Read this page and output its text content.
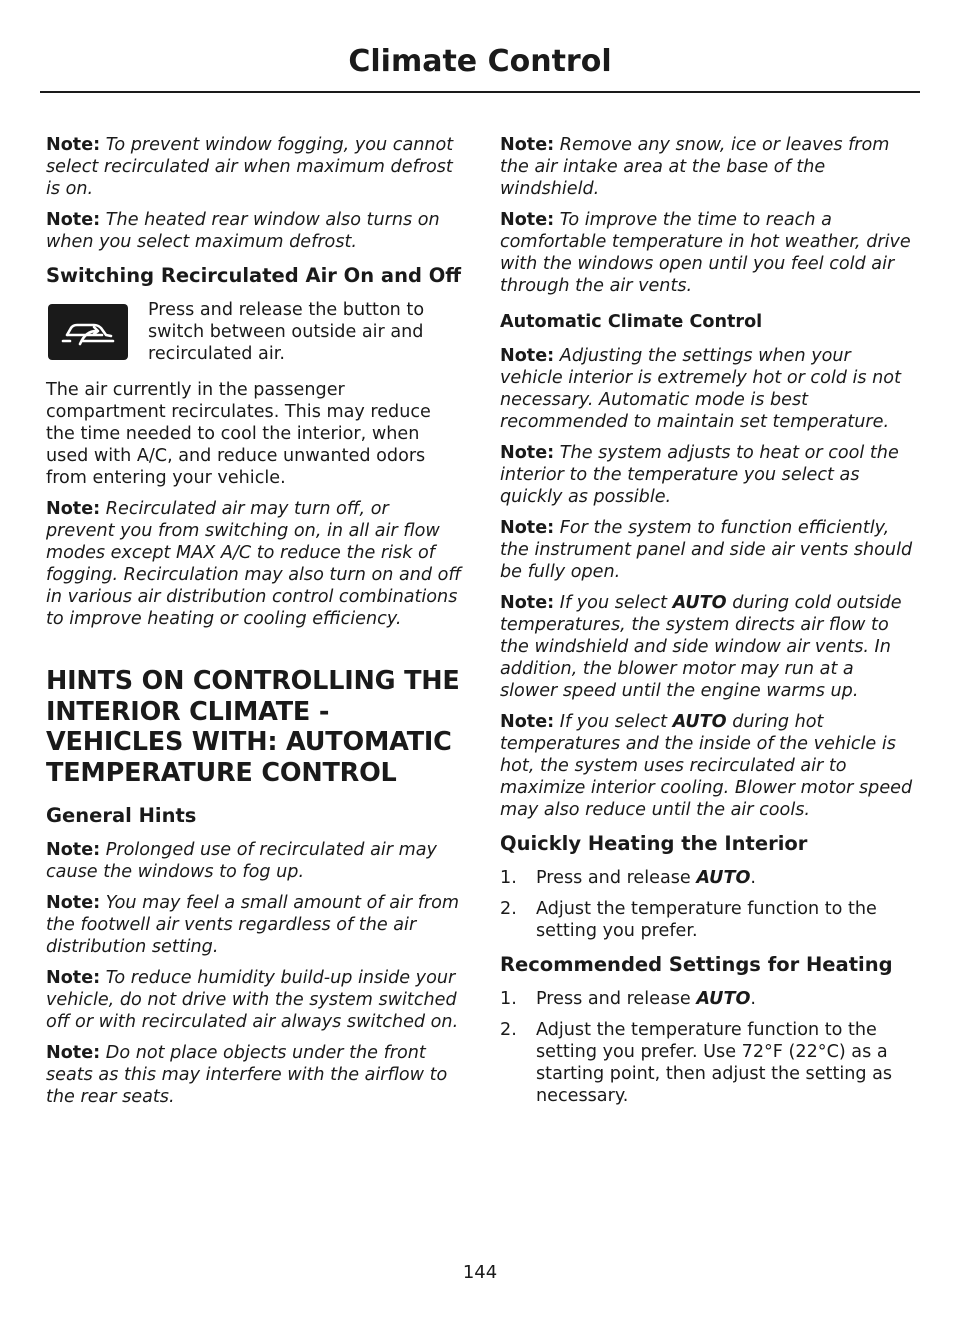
Climate Control

Note: To prevent window fogging, you cannot select recirculated air when maximum defrost is on.

Note: The heated rear window also turns on when you select maximum defrost.

Switching Recirculated Air On and Off

Press and release the button to switch between outside air and recirculated air.

The air currently in the passenger compartment recirculates. This may reduce the time needed to cool the interior, when used with A/C, and reduce unwanted odors from entering your vehicle.

Note: Recirculated air may turn off, or prevent you from switching on, in all air flow modes except MAX A/C to reduce the risk of fogging. Recirculation may also turn on and off in various air distribution control combinations to improve heating or cooling efficiency.

HINTS ON CONTROLLING THE INTERIOR CLIMATE - VEHICLES WITH: AUTOMATIC TEMPERATURE CONTROL
General Hints

Note: Prolonged use of recirculated air may cause the windows to fog up.

Note: You may feel a small amount of air from the footwell air vents regardless of the air distribution setting.

Note: To reduce humidity build-up inside your vehicle, do not drive with the system switched off or with recirculated air always switched on.

Note: Do not place objects under the front seats as this may interfere with the airflow to the rear seats.

Note: Remove any snow, ice or leaves from the air intake area at the base of the windshield.

Note: To improve the time to reach a comfortable temperature in hot weather, drive with the windows open until you feel cold air through the air vents.

Automatic Climate Control

Note: Adjusting the settings when your vehicle interior is extremely hot or cold is not necessary. Automatic mode is best recommended to maintain set temperature.

Note: The system adjusts to heat or cool the interior to the temperature you select as quickly as possible.

Note: For the system to function efficiently, the instrument panel and side air vents should be fully open.

Note: If you select AUTO during cold outside temperatures, the system directs air flow to the windshield and side window air vents. In addition, the blower motor may run at a slower speed until the engine warms up.

Note: If you select AUTO during hot temperatures and the inside of the vehicle is hot, the system uses recirculated air to maximize interior cooling. Blower motor speed may also reduce until the air cools.

Quickly Heating the Interior
1.	Press and release AUTO.
2.	Adjust the temperature function to the setting you prefer.
Recommended Settings for Heating
1.	Press and release AUTO.
2.	Adjust the temperature function to the setting you prefer. Use 72°F (22°C) as a starting point, then adjust the setting as necessary.
144
